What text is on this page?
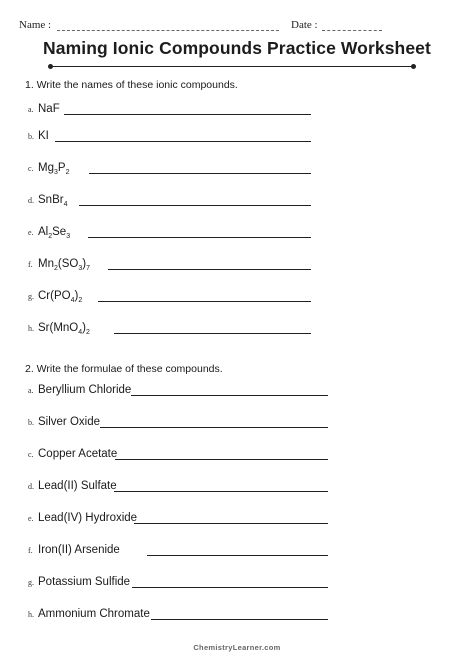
Name :	Date :
Naming Ionic Compounds Practice Worksheet
1. Write the names of these ionic compounds.
a. NaF
b. KI
c. $Mg_3P_2$
d. SnBr$_4$
e. $Al_2Se_3$
f. $Mn_2(SO_3)_7$
g. $Cr(PO_4)_2$
h. $Sr(MnO_4)_2$
2. Write the formulae of these compounds.
a. Beryllium Chloride
b. Silver Oxide
c. Copper Acetate
d. Lead(II) Sulfate
e. Lead(IV) Hydroxide
f. Iron(II) Arsenide
g. Potassium Sulfide
h. Ammonium Chromate
ChemistryLearner.com
